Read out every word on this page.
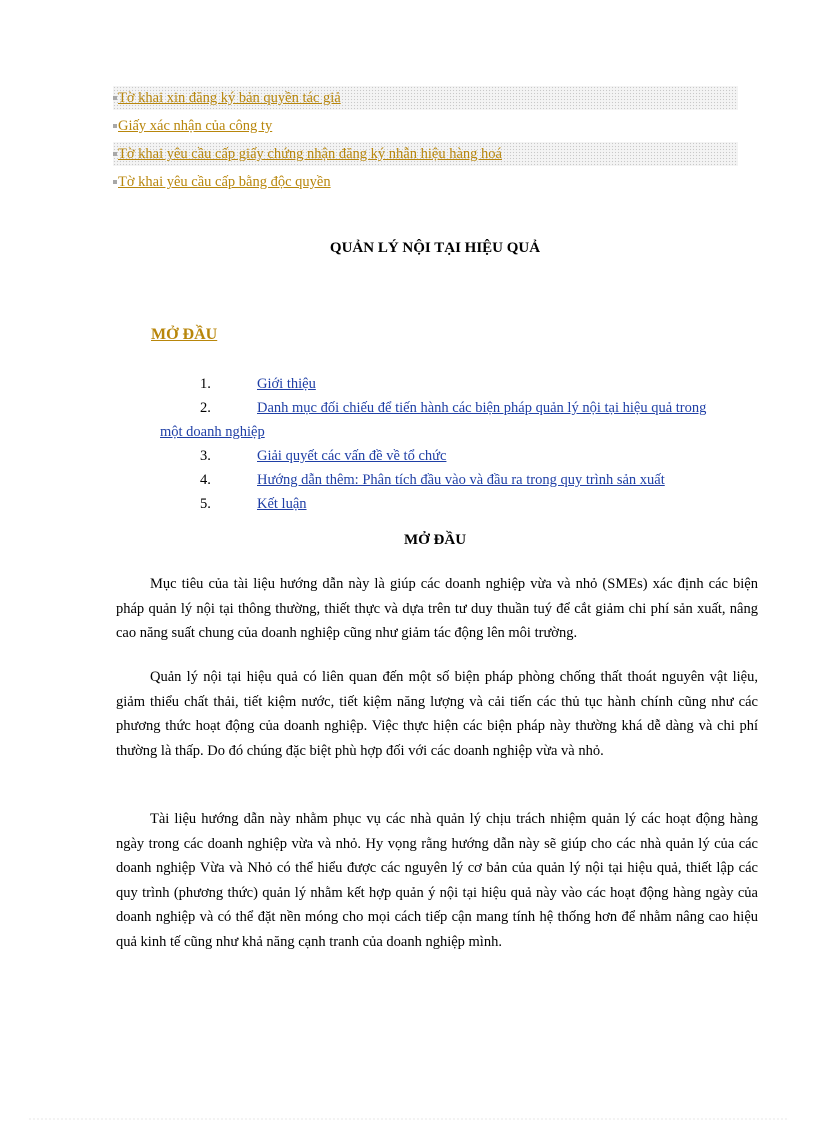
Tờ khai xin đăng ký bản quyền tác giả
Giấy xác nhận của công ty
Tờ khai yêu cầu cấp giấy chứng nhận đăng ký nhẫn hiệu hàng hoá
Tờ khai yêu cầu cấp bằng độc quyền
QUẢN LÝ NỘI TẠI HIỆU QUẢ
MỞ ĐẦU
1.	Giới thiệu
2.	Danh mục đối chiếu để tiến hành các biện pháp quản lý nội tại hiệu quả trong
một doanh nghiệp
3.	Giải quyết các vấn đề về tổ chức
4.	Hướng dẫn thêm: Phân tích đầu vào và đầu ra trong quy trình sản xuất
5.	Kết luận
MỞ ĐẦU

Mục tiêu của tài liệu hướng dẫn này là giúp các doanh nghiệp vừa và nhỏ (SMEs) xác định các biện pháp quản lý nội tại thông thường, thiết thực và dựa trên tư duy thuần tuý để cắt giảm chi phí sản xuất, nâng cao năng suất chung của doanh nghiệp cũng như giảm tác động lên môi trường.

Quản lý nội tại hiệu quả có liên quan đến một số biện pháp phòng chống thất thoát nguyên vật liệu, giảm thiểu chất thải, tiết kiệm nước, tiết kiệm năng lượng và cải tiến các thủ tục hành chính cũng như các phương thức hoạt động của doanh nghiệp. Việc thực hiện các biện pháp này thường khá dễ dàng và chi phí thường là thấp. Do đó chúng đặc biệt phù hợp đối với các doanh nghiệp vừa và nhỏ.

Tài liệu hướng dẫn này nhằm phục vụ các nhà quản lý chịu trách nhiệm quản lý các hoạt động hàng ngày trong các doanh nghiệp vừa và nhỏ. Hy vọng rằng hướng dẫn này sẽ giúp cho các nhà quản lý của các doanh nghiệp Vừa và Nhỏ có thể hiểu được các nguyên lý cơ bản của quản lý nội tại hiệu quả, thiết lập các quy trình (phương thức) quản lý nhằm kết hợp quản ý nội tại hiệu quả này vào các hoạt động hàng ngày của doanh nghiệp và có thể đặt nền móng cho mọi cách tiếp cận mang tính hệ thống hơn để nhằm nâng cao hiệu quả kinh tế cũng như khả năng cạnh tranh của doanh nghiệp mình.
